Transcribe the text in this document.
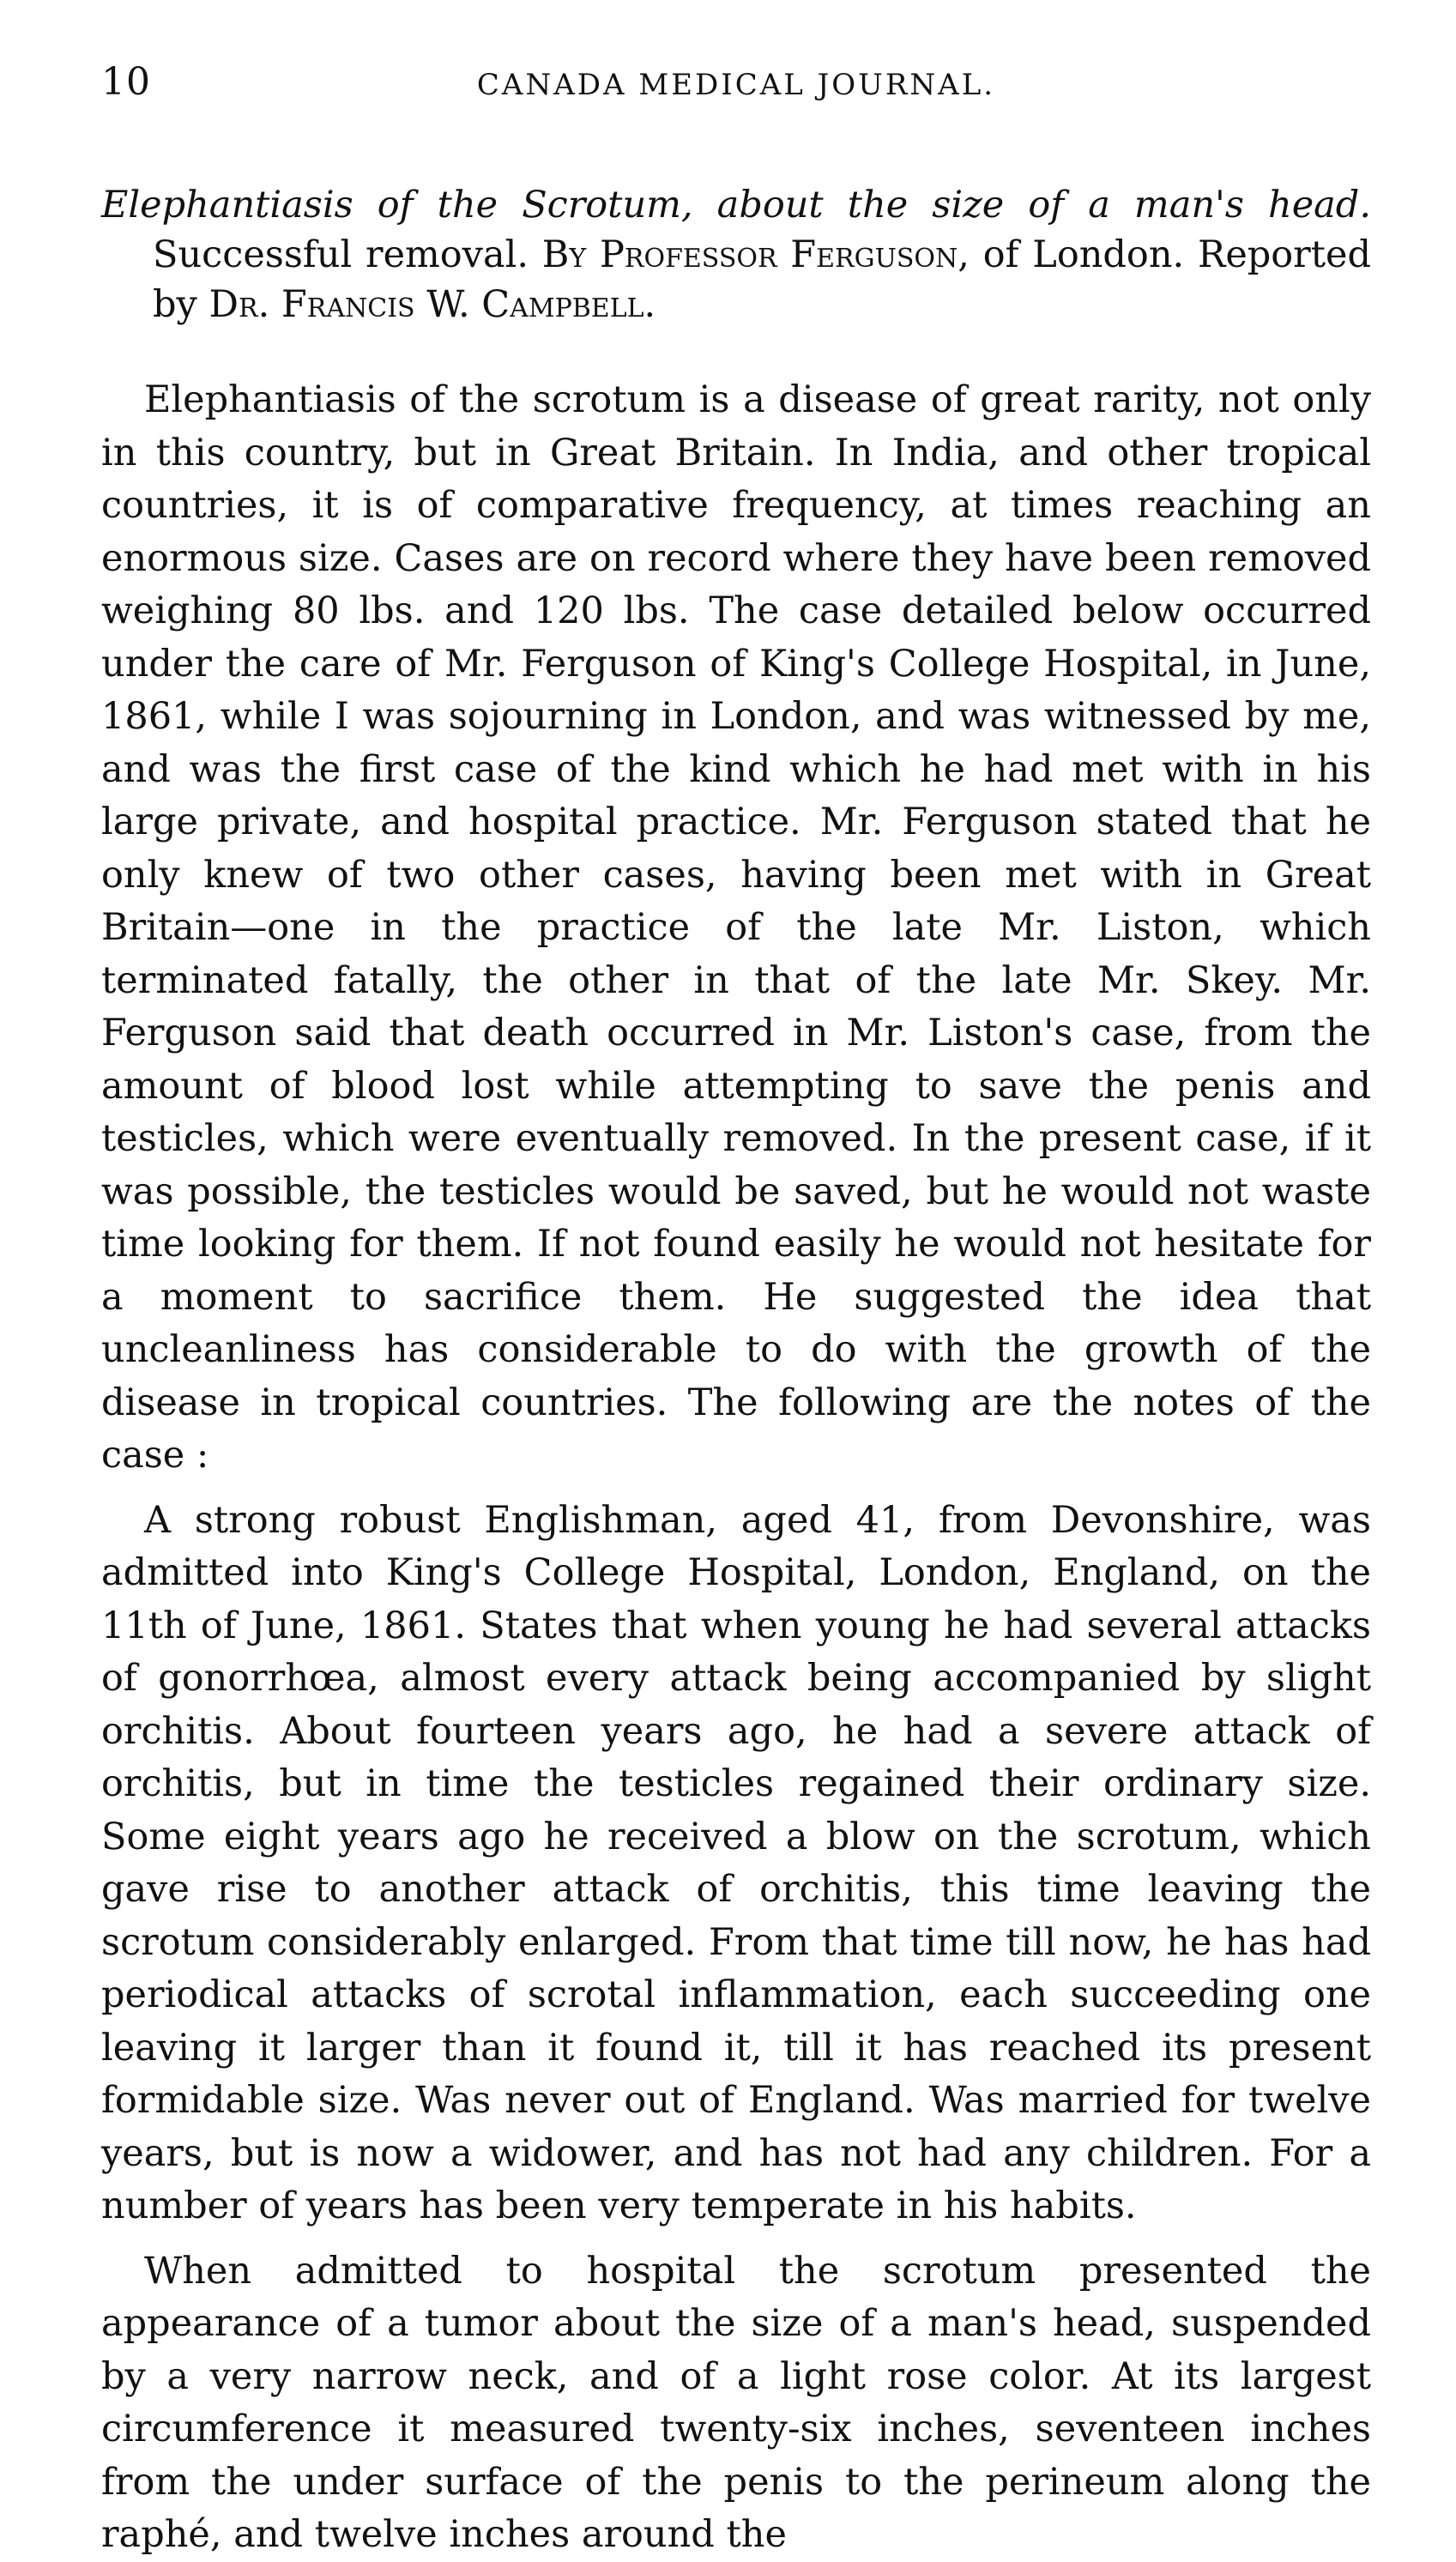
10	CANADA MEDICAL JOURNAL.

Elephantiasis of the Scrotum, about the size of a man's head. Successful removal. By Professor Ferguson, of London. Reported by Dr. Francis W. Campbell.

Elephantiasis of the scrotum is a disease of great rarity, not only in this country, but in Great Britain. In India, and other tropical countries, it is of comparative frequency, at times reaching an enormous size. Cases are on record where they have been removed weighing 80 lbs. and 120 lbs. The case detailed below occurred under the care of Mr. Ferguson of King's College Hospital, in June, 1861, while I was sojourning in London, and was witnessed by me, and was the first case of the kind which he had met with in his large private, and hospital practice. Mr. Ferguson stated that he only knew of two other cases, having been met with in Great Britain—one in the practice of the late Mr. Liston, which terminated fatally, the other in that of the late Mr. Skey. Mr. Ferguson said that death occurred in Mr. Liston's case, from the amount of blood lost while attempting to save the penis and testicles, which were eventually removed. In the present case, if it was possible, the testicles would be saved, but he would not waste time looking for them. If not found easily he would not hesitate for a moment to sacrifice them. He suggested the idea that uncleanliness has considerable to do with the growth of the disease in tropical countries. The following are the notes of the case :

A strong robust Englishman, aged 41, from Devonshire, was admitted into King's College Hospital, London, England, on the 11th of June, 1861. States that when young he had several attacks of gonorrhœa, almost every attack being accompanied by slight orchitis. About fourteen years ago, he had a severe attack of orchitis, but in time the testicles regained their ordinary size. Some eight years ago he received a blow on the scrotum, which gave rise to another attack of orchitis, this time leaving the scrotum considerably enlarged. From that time till now, he has had periodical attacks of scrotal inflammation, each succeeding one leaving it larger than it found it, till it has reached its present formidable size. Was never out of England. Was married for twelve years, but is now a widower, and has not had any children. For a number of years has been very temperate in his habits.

When admitted to hospital the scrotum presented the appearance of a tumor about the size of a man's head, suspended by a very narrow neck, and of a light rose color. At its largest circumference it measured twenty-six inches, seventeen inches from the under surface of the penis to the perineum along the raphé, and twelve inches around the
